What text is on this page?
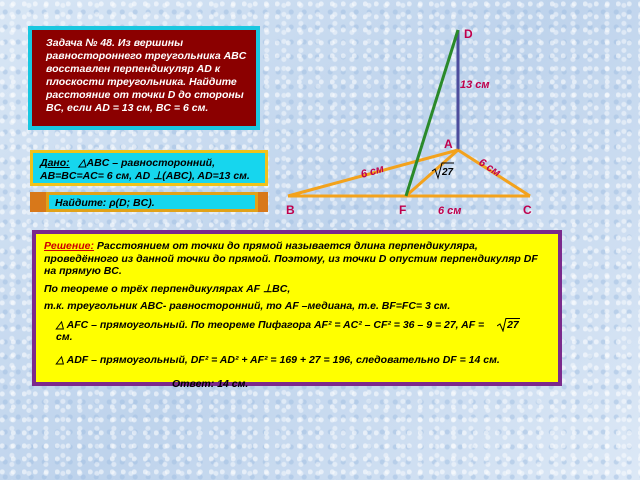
D
A
B	C
F
13 см
6 см	6 см
6 см
27
Задача № 48. Из вершины равностороннего треугольника ABC восставлен перпендикуляр AD к плоскости треугольника. Найдите расстояние от точки D до стороны BC, если AD = 13 см, BC = 6 см.
Дано:   △ABC – равносторонний,
AB=BC=AC= 6 см, AD ⊥(ABC), AD=13 см.
Найдите: ρ(D; BC).

Решение: Расстоянием от точки до прямой называется длина перпендикуляра, проведённого из данной точки до прямой. Поэтому, из точки D опустим перпендикуляр DF на прямую BC.

По теореме о трёх перпендикулярах AF ⊥BC,

т.к. треугольник ABC- равносторонний, то AF –медиана, т.е. BF=FC= 3 см.

△ AFC – прямоугольный. По теореме Пифагора AF² = AC² – CF² = 36 – 9 = 27, AF = 27 см.

△ ADF – прямоугольный, DF² = AD² + AF² = 169 + 27 = 196, следовательно DF = 14 см.

Ответ: 14 см.
